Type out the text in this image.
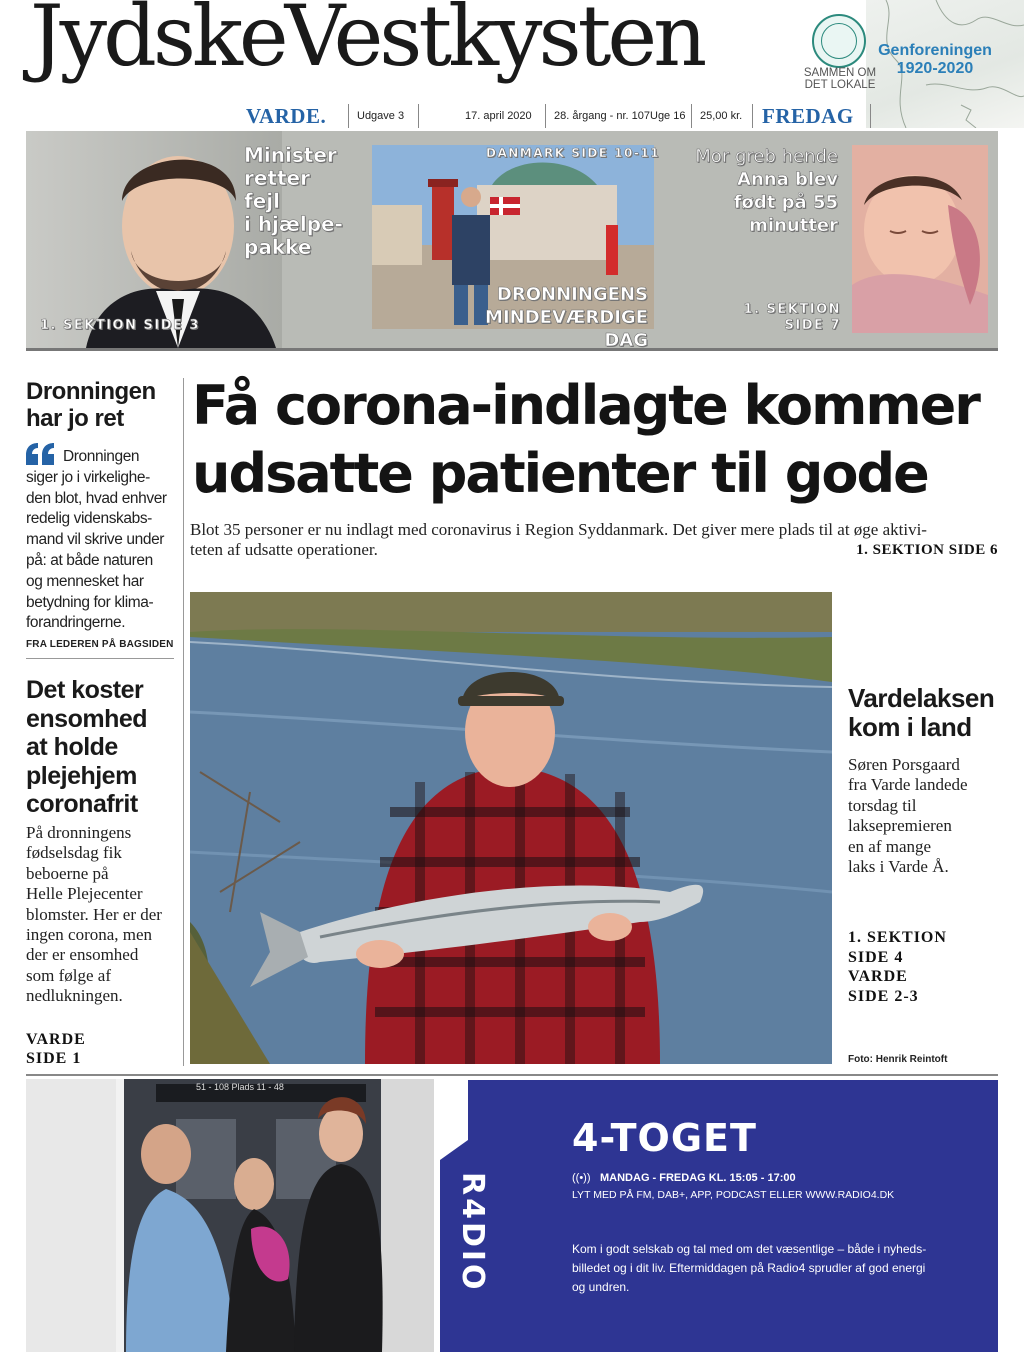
JydskeVestkysten	SAMMEN OM
DET LOKALE
Genforeningen
1920-2020
VARDE.	Udgave 3	17. april 2020	28. årgang - nr. 107 Uge 16	25,00 kr. FREDAG
Minister
retter
fejl
i hjælpe-
pakke
1. SEKTION SIDE 3
DANMARK SIDE 10-11
DRONNINGENS
MINDEVÆRDIGE DAG
Mor greb hende
Anna blev
født på 55
minutter
1. SEKTION
SIDE 7
Dronningen
har jo ret
Dronningen
siger jo i virkelighe-
den blot, hvad enhver
redelig videnskabs-
mand vil skrive under
på: at både naturen
og mennesket har
betydning for klima-
forandringerne.
FRA LEDEREN PÅ BAGSIDEN
Det koster
ensomhed
at holde
plejehjem
coronafrit
På dronningens
fødselsdag fik
beboerne på
Helle Plejecenter
blomster. Her er der
ingen corona, men
der er ensomhed
som følge af
nedlukningen.
VARDE
SIDE 1
Få corona-indlagte kommer
udsatte patienter til gode
Blot 35 personer er nu indlagt med coronavirus i Region Syddanmark. Det giver mere plads til at øge aktivi-
teten af udsatte operationer.	1. SEKTION SIDE 6
Vardelaksen
kom i land
Søren Porsgaard
fra Varde landede
torsdag til
laksepremieren
en af mange
laks i Varde Å.
1. SEKTION
SIDE 4
VARDE
SIDE 2-3
Foto: Henrik Reintoft
51 - 108 Plads 11 - 48
R4DIO
4-TOGET
((•)) MANDAG - FREDAG KL. 15:05 - 17:00
LYT MED PÅ FM, DAB+, APP, PODCAST ELLER WWW.RADIO4.DK
Kom i godt selskab og tal med om det væsentlige – både i nyheds-
billedet og i dit liv. Eftermiddagen på Radio4 sprudler af god energi
og undren.
